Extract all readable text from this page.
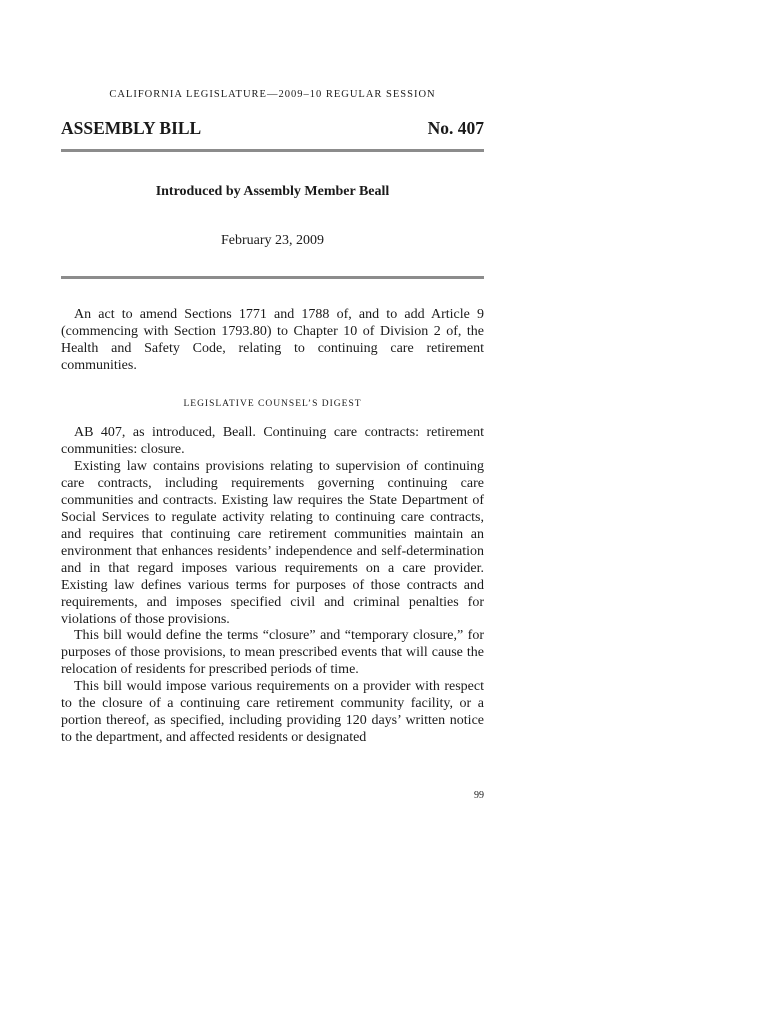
CALIFORNIA LEGISLATURE—2009–10 REGULAR SESSION
ASSEMBLY BILL	No. 407
Introduced by Assembly Member Beall
February 23, 2009

An act to amend Sections 1771 and 1788 of, and to add Article 9 (commencing with Section 1793.80) to Chapter 10 of Division 2 of, the Health and Safety Code, relating to continuing care retirement communities.

LEGISLATIVE COUNSEL’S DIGEST

AB 407, as introduced, Beall. Continuing care contracts: retirement communities: closure.

Existing law contains provisions relating to supervision of continuing care contracts, including requirements governing continuing care communities and contracts. Existing law requires the State Department of Social Services to regulate activity relating to continuing care contracts, and requires that continuing care retirement communities maintain an environment that enhances residents’ independence and self-determination and in that regard imposes various requirements on a care provider. Existing law defines various terms for purposes of those contracts and requirements, and imposes specified civil and criminal penalties for violations of those provisions.

This bill would define the terms “closure” and “temporary closure,” for purposes of those provisions, to mean prescribed events that will cause the relocation of residents for prescribed periods of time.

This bill would impose various requirements on a provider with respect to the closure of a continuing care retirement community facility, or a portion thereof, as specified, including providing 120 days’ written notice to the department, and affected residents or designated

99
